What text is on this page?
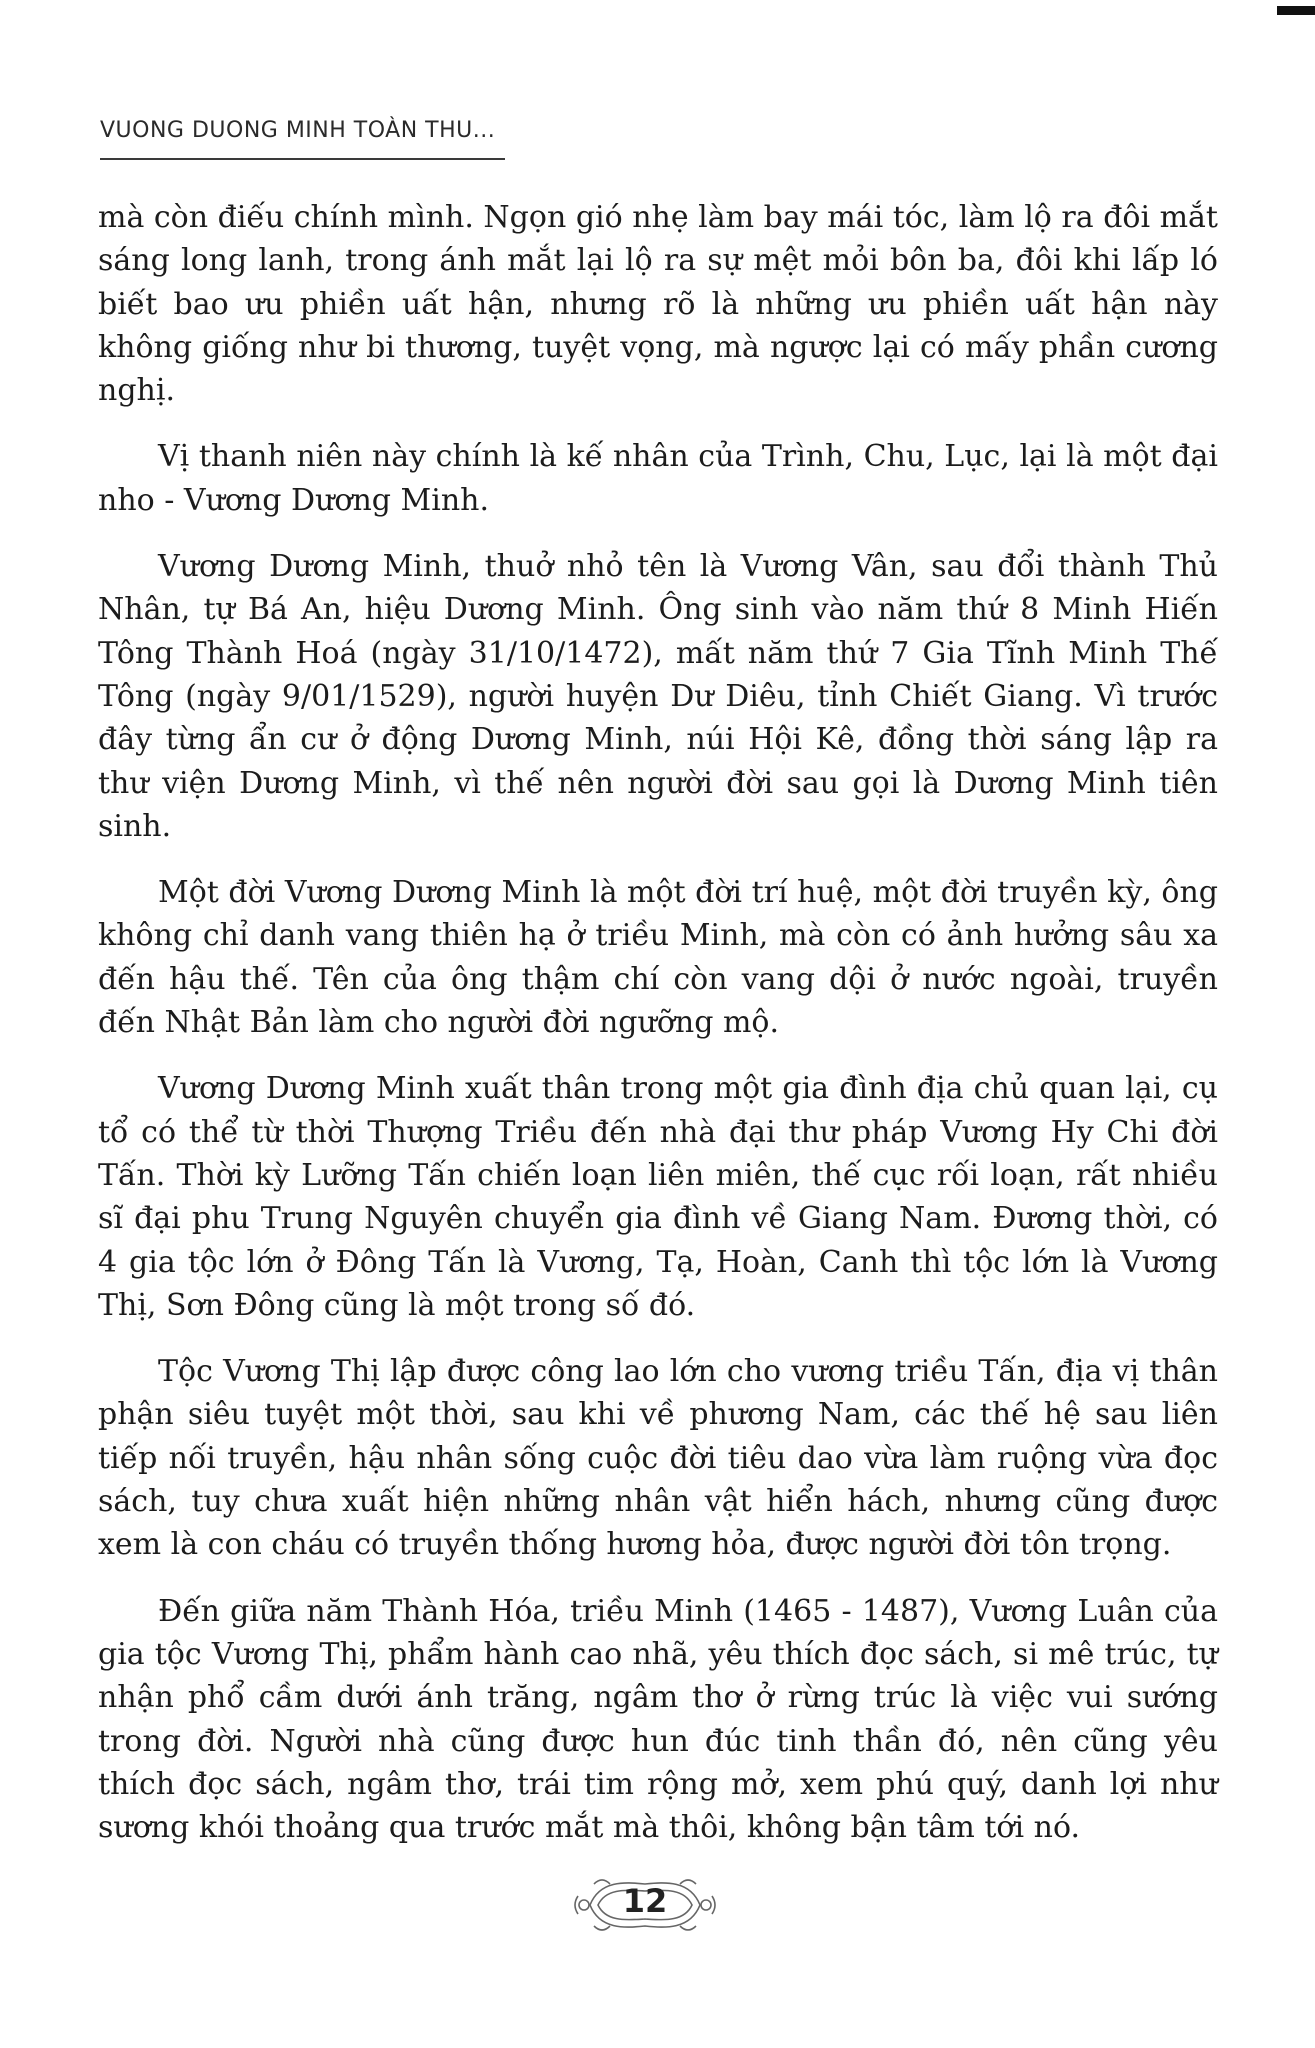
VUONG DUONG MINH TOÀN THU...

mà còn điếu chính mình. Ngọn gió nhẹ làm bay mái tóc, làm lộ ra đôi mắt sáng long lanh, trong ánh mắt lại lộ ra sự mệt mỏi bôn ba, đôi khi lấp ló biết bao ưu phiền uất hận, nhưng rõ là những ưu phiền uất hận này không giống như bi thương, tuyệt vọng, mà ngược lại có mấy phần cương nghị.

Vị thanh niên này chính là kế nhân của Trình, Chu, Lục, lại là một đại nho - Vương Dương Minh.

Vương Dương Minh, thuở nhỏ tên là Vương Vân, sau đổi thành Thủ Nhân, tự Bá An, hiệu Dương Minh. Ông sinh vào năm thứ 8 Minh Hiến Tông Thành Hoá (ngày 31/10/1472), mất năm thứ 7 Gia Tĩnh Minh Thế Tông (ngày 9/01/1529), người huyện Dư Diêu, tỉnh Chiết Giang. Vì trước đây từng ẩn cư ở động Dương Minh, núi Hội Kê, đồng thời sáng lập ra thư viện Dương Minh, vì thế nên người đời sau gọi là Dương Minh tiên sinh.

Một đời Vương Dương Minh là một đời trí huệ, một đời truyền kỳ, ông không chỉ danh vang thiên hạ ở triều Minh, mà còn có ảnh hưởng sâu xa đến hậu thế. Tên của ông thậm chí còn vang dội ở nước ngoài, truyền đến Nhật Bản làm cho người đời ngưỡng mộ.

Vương Dương Minh xuất thân trong một gia đình địa chủ quan lại, cụ tổ có thể từ thời Thượng Triều đến nhà đại thư pháp Vương Hy Chi đời Tấn. Thời kỳ Lưỡng Tấn chiến loạn liên miên, thế cục rối loạn, rất nhiều sĩ đại phu Trung Nguyên chuyển gia đình về Giang Nam. Đương thời, có 4 gia tộc lớn ở Đông Tấn là Vương, Tạ, Hoàn, Canh thì tộc lớn là Vương Thị, Sơn Đông cũng là một trong số đó.

Tộc Vương Thị lập được công lao lớn cho vương triều Tấn, địa vị thân phận siêu tuyệt một thời, sau khi về phương Nam, các thế hệ sau liên tiếp nối truyền, hậu nhân sống cuộc đời tiêu dao vừa làm ruộng vừa đọc sách, tuy chưa xuất hiện những nhân vật hiển hách, nhưng cũng được xem là con cháu có truyền thống hương hỏa, được người đời tôn trọng.

Đến giữa năm Thành Hóa, triều Minh (1465 - 1487), Vương Luân của gia tộc Vương Thị, phẩm hành cao nhã, yêu thích đọc sách, si mê trúc, tự nhận phổ cầm dưới ánh trăng, ngâm thơ ở rừng trúc là việc vui sướng trong đời. Người nhà cũng được hun đúc tinh thần đó, nên cũng yêu thích đọc sách, ngâm thơ, trái tim rộng mở, xem phú quý, danh lợi như sương khói thoảng qua trước mắt mà thôi, không bận tâm tới nó.

12
